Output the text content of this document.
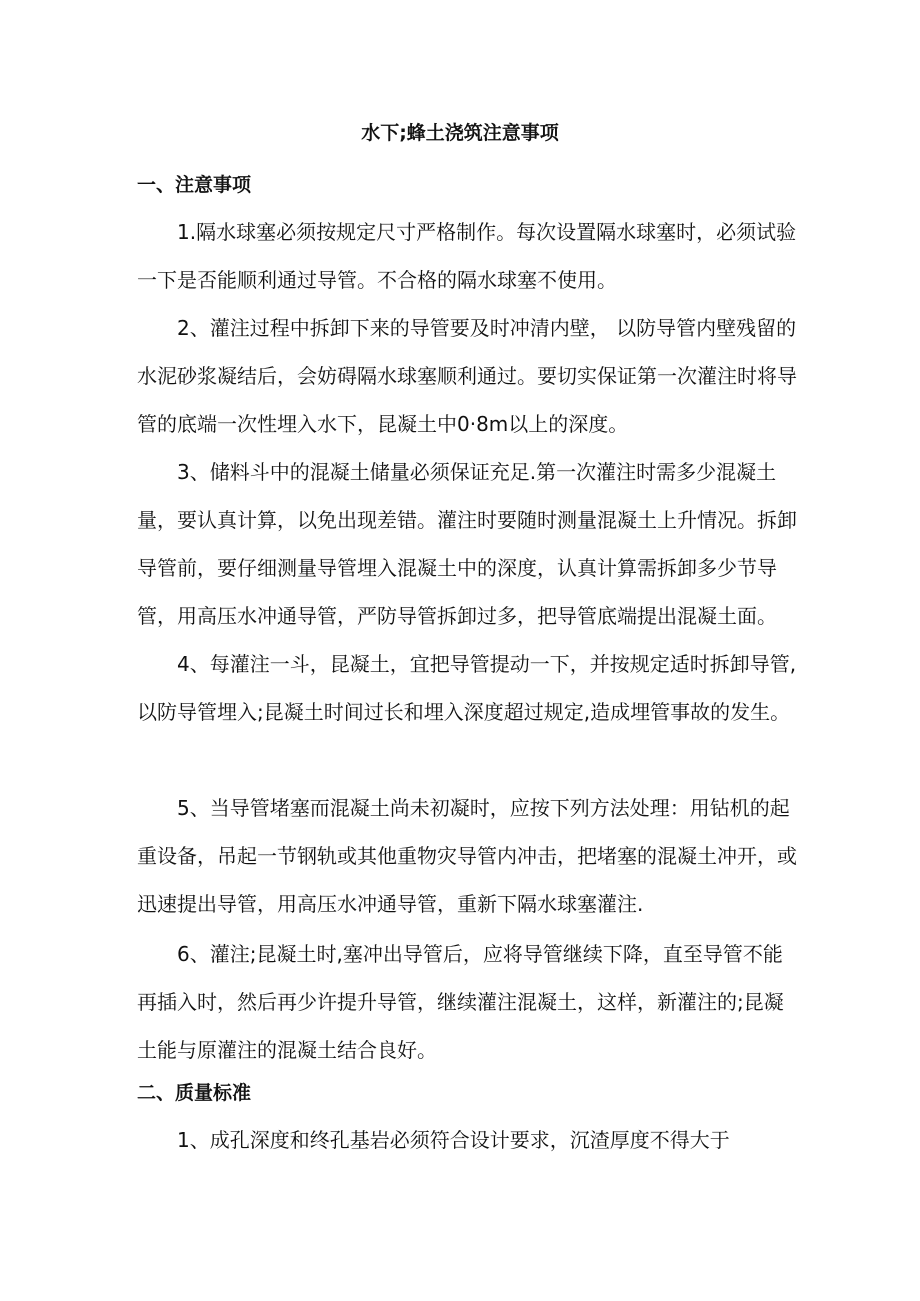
水下;蜂土浇筑注意事项
一、注意事项

1.隔水球塞必须按规定尺寸严格制作。每次设置隔水球塞时，必须试验一下是否能顺利通过导管。不合格的隔水球塞不使用。

2、灌注过程中拆卸下来的导管要及时冲清内壁， 以防导管内壁残留的水泥砂浆凝结后，会妨碍隔水球塞顺利通过。要切实保证第一次灌注时将导管的底端一次性埋入水下，昆凝土中0·8m以上的深度。

3、储料斗中的混凝土储量必须保证充足.第一次灌注时需多少混凝土量，要认真计算，以免出现差错。灌注时要随时测量混凝土上升情况。拆卸导管前，要仔细测量导管埋入混凝土中的深度，认真计算需拆卸多少节导管，用高压水冲通导管，严防导管拆卸过多，把导管底端提出混凝土面。

4、每灌注一斗，昆凝土，宜把导管提动一下，并按规定适时拆卸导管,以防导管埋入;昆凝土时间过长和埋入深度超过规定,造成埋管事故的发生。

5、当导管堵塞而混凝土尚未初凝时，应按下列方法处理：用钻机的起重设备，吊起一节钢轨或其他重物灾导管内冲击，把堵塞的混凝土冲开，或迅速提出导管，用高压水冲通导管，重新下隔水球塞灌注.

6、灌注;昆凝土时,塞冲出导管后，应将导管继续下降，直至导管不能再插入时，然后再少许提升导管，继续灌注混凝土，这样，新灌注的;昆凝土能与原灌注的混凝土结合良好。

二、质量标准

1、成孔深度和终孔基岩必须符合设计要求，沉渣厚度不得大于
